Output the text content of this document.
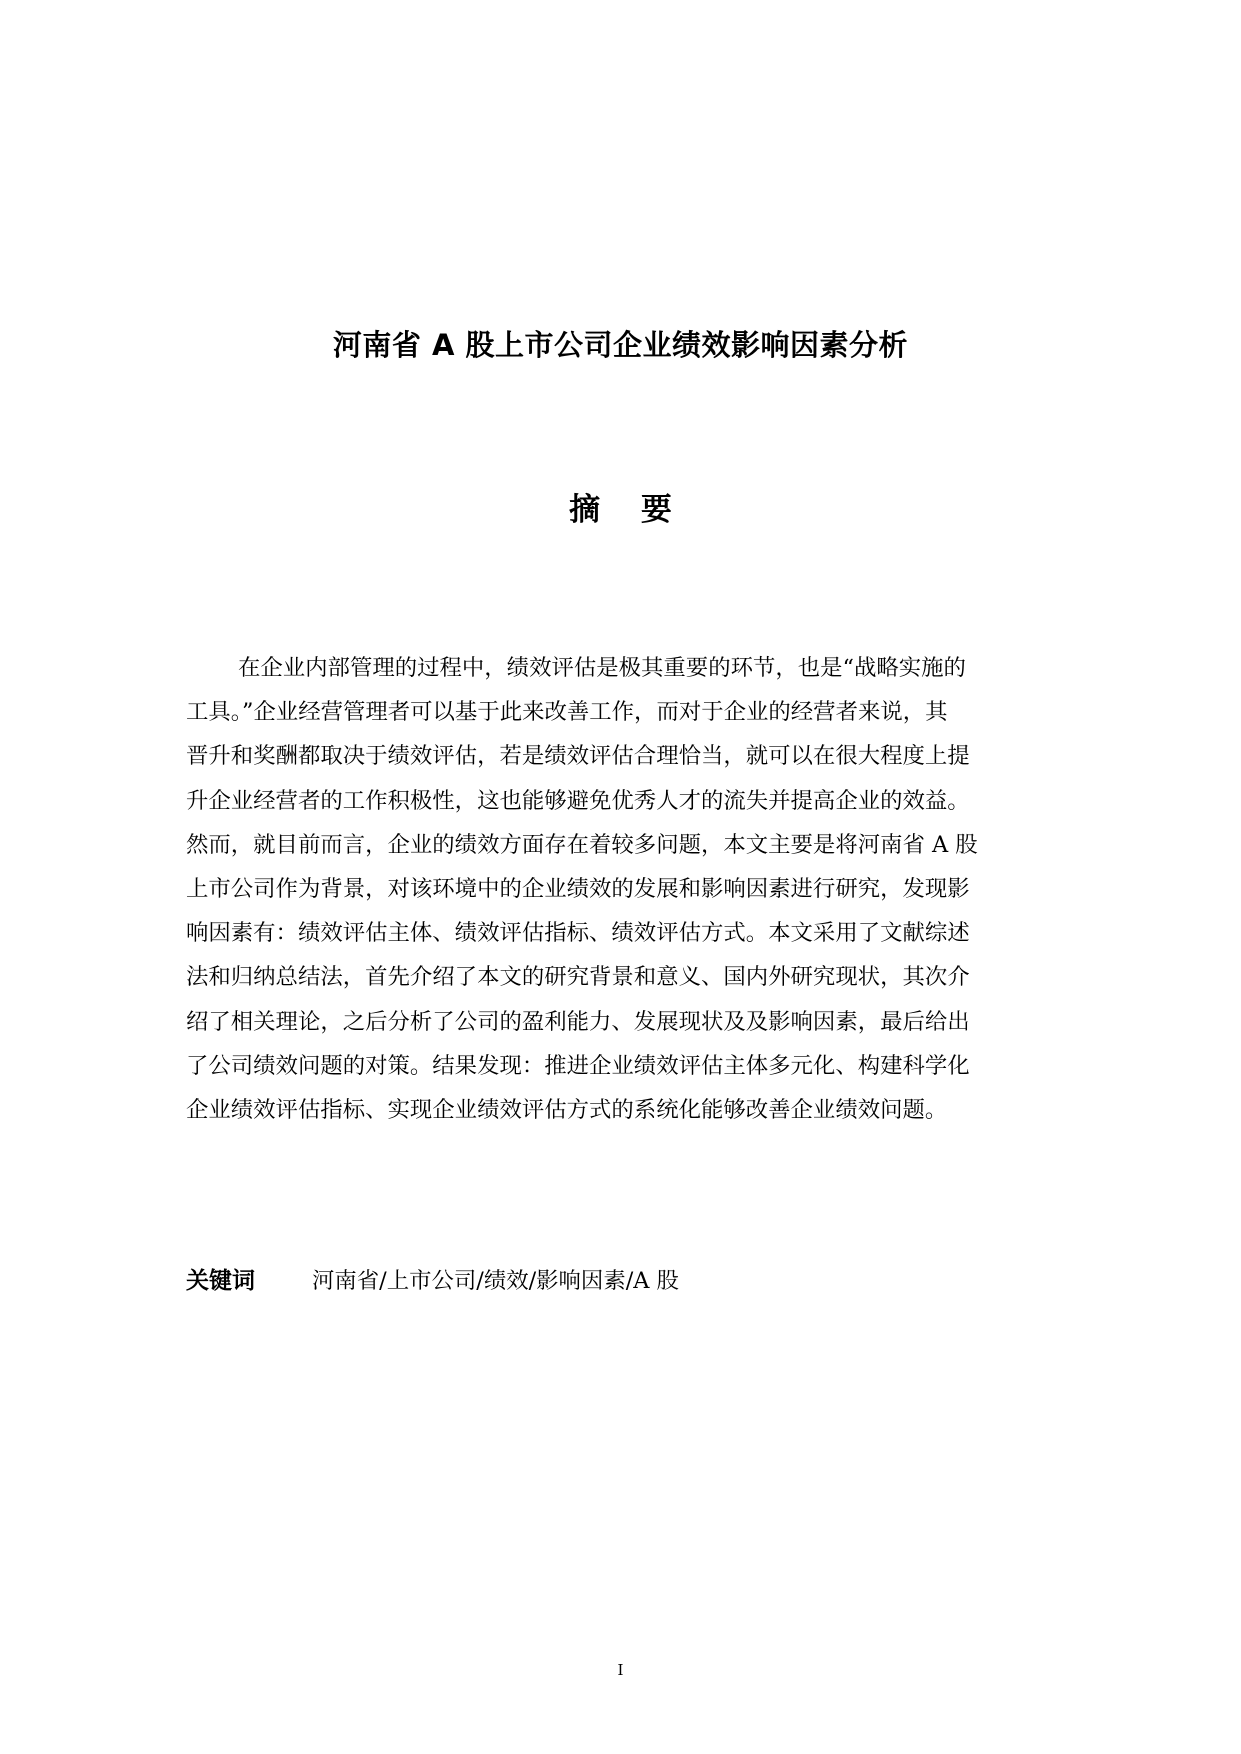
河南省 A 股上市公司企业绩效影响因素分析
摘 要
在企业内部管理的过程中，绩效评估是极其重要的环节，也是“战略实施的
工具。”企业经营管理者可以基于此来改善工作，而对于企业的经营者来说，其
晋升和奖酬都取决于绩效评估，若是绩效评估合理恰当，就可以在很大程度上提
升企业经营者的工作积极性，这也能够避免优秀人才的流失并提高企业的效益。
然而，就目前而言，企业的绩效方面存在着较多问题，本文主要是将河南省 A 股
上市公司作为背景，对该环境中的企业绩效的发展和影响因素进行研究，发现影
响因素有：绩效评估主体、绩效评估指标、绩效评估方式。本文采用了文献综述
法和归纳总结法，首先介绍了本文的研究背景和意义、国内外研究现状，其次介
绍了相关理论，之后分析了公司的盈利能力、发展现状及及影响因素，最后给出
了公司绩效问题的对策。结果发现：推进企业绩效评估主体多元化、构建科学化
企业绩效评估指标、实现企业绩效评估方式的系统化能够改善企业绩效问题。
关键词	河南省/上市公司/绩效/影响因素/A 股
I
